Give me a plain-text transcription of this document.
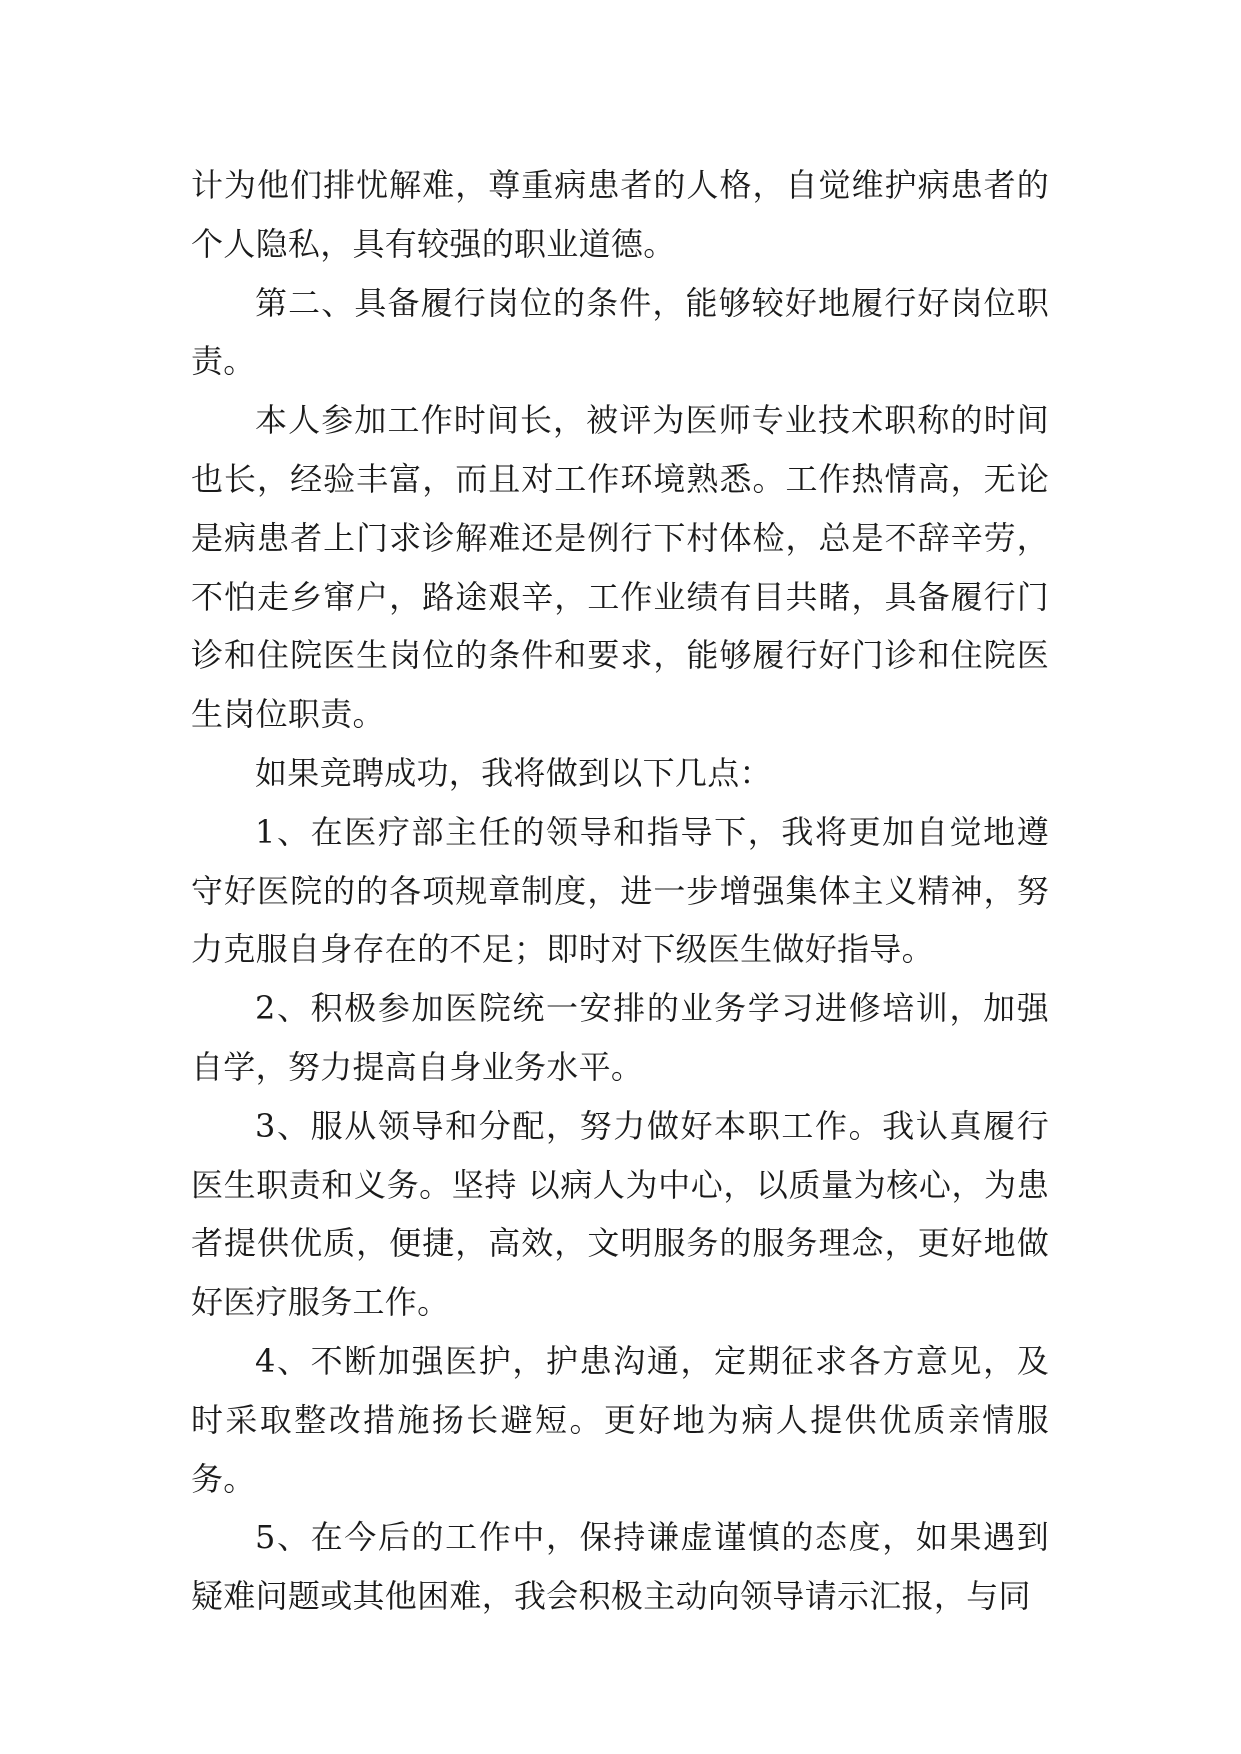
计为他们排忧解难，尊重病患者的人格，自觉维护病患者的个人隐私，具有较强的职业道德。

第二、具备履行岗位的条件，能够较好地履行好岗位职责。

本人参加工作时间长，被评为医师专业技术职称的时间也长，经验丰富，而且对工作环境熟悉。工作热情高，无论是病患者上门求诊解难还是例行下村体检，总是不辞辛劳，不怕走乡窜户，路途艰辛，工作业绩有目共睹，具备履行门诊和住院医生岗位的条件和要求，能够履行好门诊和住院医生岗位职责。

如果竞聘成功，我将做到以下几点：

1、在医疗部主任的领导和指导下，我将更加自觉地遵守好医院的的各项规章制度，进一步增强集体主义精神，努力克服自身存在的不足；即时对下级医生做好指导。

2、积极参加医院统一安排的业务学习进修培训，加强自学，努力提高自身业务水平。

3、服从领导和分配，努力做好本职工作。我认真履行医生职责和义务。坚持 以病人为中心，以质量为核心，为患者提供优质，便捷，高效，文明服务的服务理念，更好地做好医疗服务工作。

4、不断加强医护，护患沟通，定期征求各方意见，及时采取整改措施扬长避短。更好地为病人提供优质亲情服务。

5、在今后的工作中，保持谦虚谨慎的态度，如果遇到疑难问题或其他困难，我会积极主动向领导请示汇报，与同
